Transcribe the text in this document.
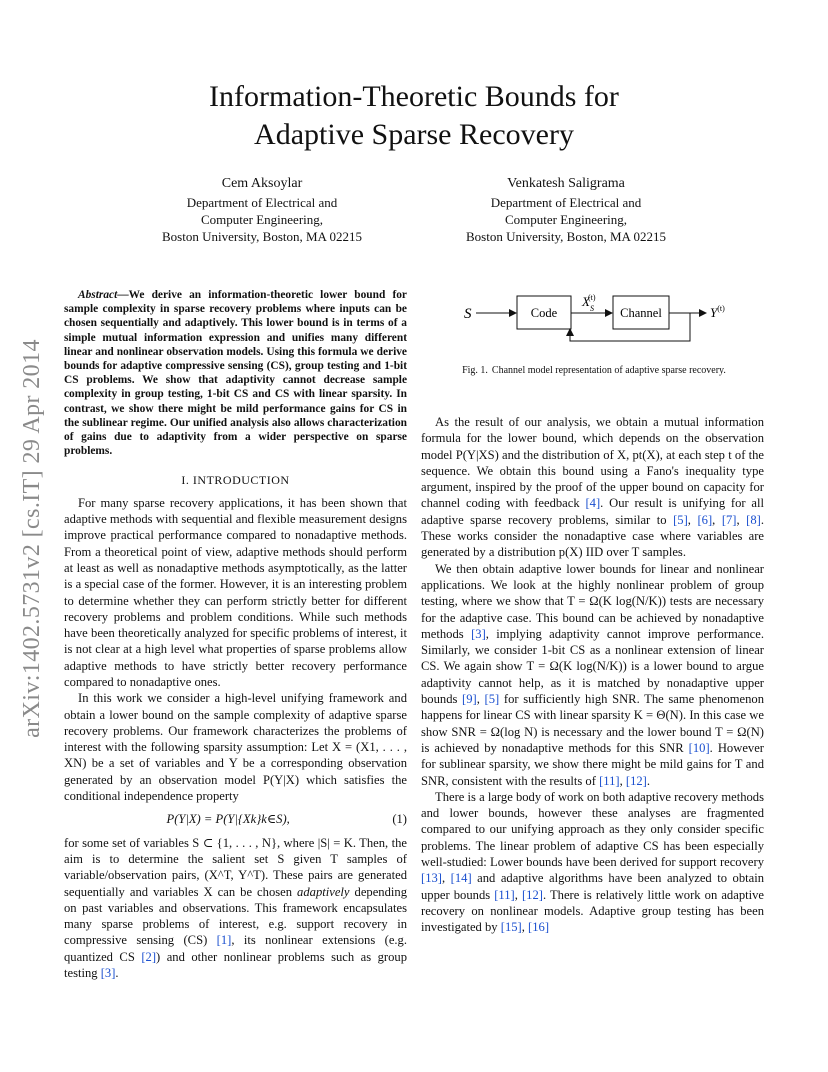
arXiv:1402.5731v2 [cs.IT] 29 Apr 2014
Information-Theoretic Bounds for
Adaptive Sparse Recovery
Cem Aksoylar
Department of Electrical and
Computer Engineering,
Boston University, Boston, MA 02215
Venkatesh Saligrama
Department of Electrical and
Computer Engineering,
Boston University, Boston, MA 02215

Abstract—We derive an information-theoretic lower bound for sample complexity in sparse recovery problems where inputs can be chosen sequentially and adaptively. This lower bound is in terms of a simple mutual information expression and unifies many different linear and nonlinear observation models. Using this formula we derive bounds for adaptive compressive sensing (CS), group testing and 1-bit CS problems. We show that adaptivity cannot decrease sample complexity in group testing, 1-bit CS and CS with linear sparsity. In contrast, we show there might be mild performance gains for CS in the sublinear regime. Our unified analysis also allows characterization of gains due to adaptivity from a wider perspective on sparse problems.

I. INTRODUCTION

For many sparse recovery applications, it has been shown that adaptive methods with sequential and flexible measurement designs improve practical performance compared to nonadaptive methods. From a theoretical point of view, adaptive methods should perform at least as well as nonadaptive methods asymptotically, as the latter is a special case of the former. However, it is an interesting problem to determine whether they can perform strictly better for different recovery problems and problem conditions. While such methods have been theoretically analyzed for specific problems of interest, it is not clear at a high level what properties of sparse problems allow adaptive methods to have strictly better recovery performance compared to nonadaptive ones.

In this work we consider a high-level unifying framework and obtain a lower bound on the sample complexity of adaptive sparse recovery problems. Our framework characterizes the problems of interest with the following sparsity assumption: Let X = (X1, . . . , XN) be a set of variables and Y be a corresponding observation generated by an observation model P(Y|X) which satisfies the conditional independence property

P(Y|X) = P(Y|{Xk}k∈S),	(1)

for some set of variables S ⊂ {1, . . . , N}, where |S| = K. Then, the aim is to determine the salient set S given T samples of variable/observation pairs, (X^T, Y^T). These pairs are generated sequentially and variables X can be chosen adaptively depending on past variables and observations. This framework encapsulates many sparse problems of interest, e.g. support recovery in compressive sensing (CS) [1], its nonlinear extensions (e.g. quantized CS [2]) and other nonlinear problems such as group testing [3].

S	Code
$X_S(t)$
Channel	$Y^{(t)}$
Fig. 1. Channel model representation of adaptive sparse recovery.

As the result of our analysis, we obtain a mutual information formula for the lower bound, which depends on the observation model P(Y|XS) and the distribution of X, pt(X), at each step t of the sequence. We obtain this bound using a Fano's inequality type argument, inspired by the proof of the upper bound on capacity for channel coding with feedback [4]. Our result is unifying for all adaptive sparse recovery problems, similar to [5], [6], [7], [8]. These works consider the nonadaptive case where variables are generated by a distribution p(X) IID over T samples.

We then obtain adaptive lower bounds for linear and nonlinear applications. We look at the highly nonlinear problem of group testing, where we show that T = Ω(K log(N/K)) tests are necessary for the adaptive case. This bound can be achieved by nonadaptive methods [3], implying adaptivity cannot improve performance. Similarly, we consider 1-bit CS as a nonlinear extension of linear CS. We again show T = Ω(K log(N/K)) is a lower bound to argue adaptivity cannot help, as it is matched by nonadaptive upper bounds [9], [5] for sufficiently high SNR. The same phenomenon happens for linear CS with linear sparsity K = Θ(N). In this case we show SNR = Ω(log N) is necessary and the lower bound T = Ω(N) is achieved by nonadaptive methods for this SNR [10]. However for sublinear sparsity, we show there might be mild gains for T and SNR, consistent with the results of [11], [12].

There is a large body of work on both adaptive recovery methods and lower bounds, however these analyses are fragmented compared to our unifying approach as they only consider specific problems. The linear problem of adaptive CS has been especially well-studied: Lower bounds have been derived for support recovery [13], [14] and adaptive algorithms have been analyzed to obtain upper bounds [11], [12]. There is relatively little work on adaptive recovery on nonlinear models. Adaptive group testing has been investigated by [15], [16]
